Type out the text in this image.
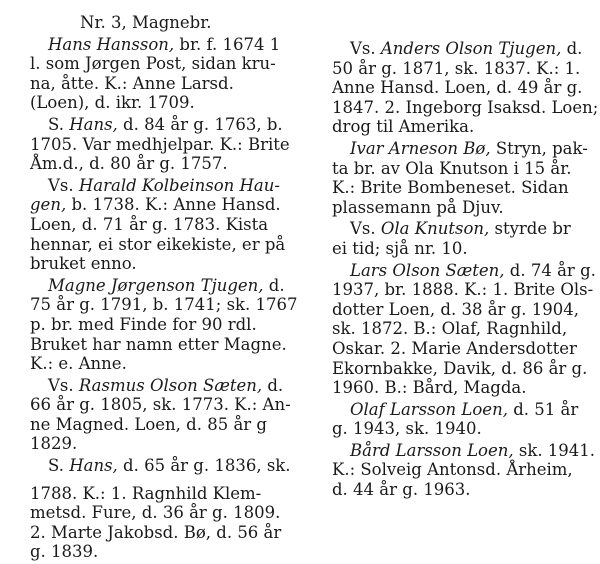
Nr. 3, Magnebr.
Hans Hansson, br. f. 1674 1
l. som Jørgen Post, sidan kru-
na, åtte. K.: Anne Larsd.
(Loen), d. ikr. 1709.
S. Hans, d. 84 år g. 1763, b.
1705. Var medhjelpar. K.: Brite
Åm.d., d. 80 år g. 1757.
Vs. Harald Kolbeinson Hau-
gen, b. 1738. K.: Anne Hansd.
Loen, d. 71 år g. 1783. Kista
hennar, ei stor eikekiste, er på
bruket enno.
Magne Jørgenson Tjugen, d.
75 år g. 1791, b. 1741; sk. 1767
p. br. med Finde for 90 rdl.
Bruket har namn etter Magne.
K.: e. Anne.
Vs. Rasmus Olson Sæten, d.
66 år g. 1805, sk. 1773. K.: An-
ne Magned. Loen, d. 85 år g
1829.
S. Hans, d. 65 år g. 1836, sk.
1788. K.: 1. Ragnhild Klem-
metsd. Fure, d. 36 år g. 1809.
2. Marte Jakobsd. Bø, d. 56 år
g. 1839.
Vs. Anders Olson Tjugen, d.
50 år g. 1871, sk. 1837. K.: 1.
Anne Hansd. Loen, d. 49 år g.
1847. 2. Ingeborg Isaksd. Loen;
drog til Amerika.
Ivar Arneson Bø, Stryn, pak-
ta br. av Ola Knutson i 15 år.
K.: Brite Bombeneset. Sidan
plassemann på Djuv.
Vs. Ola Knutson, styrde br
ei tid; sjå nr. 10.
Lars Olson Sæten, d. 74 år g.
1937, br. 1888. K.: 1. Brite Ols-
dotter Loen, d. 38 år g. 1904,
sk. 1872. B.: Olaf, Ragnhild,
Oskar. 2. Marie Andersdotter
Ekornbakke, Davik, d. 86 år g.
1960. B.: Bård, Magda.
Olaf Larsson Loen, d. 51 år
g. 1943, sk. 1940.
Bård Larsson Loen, sk. 1941.
K.: Solveig Antonsd. Årheim,
d. 44 år g. 1963.
